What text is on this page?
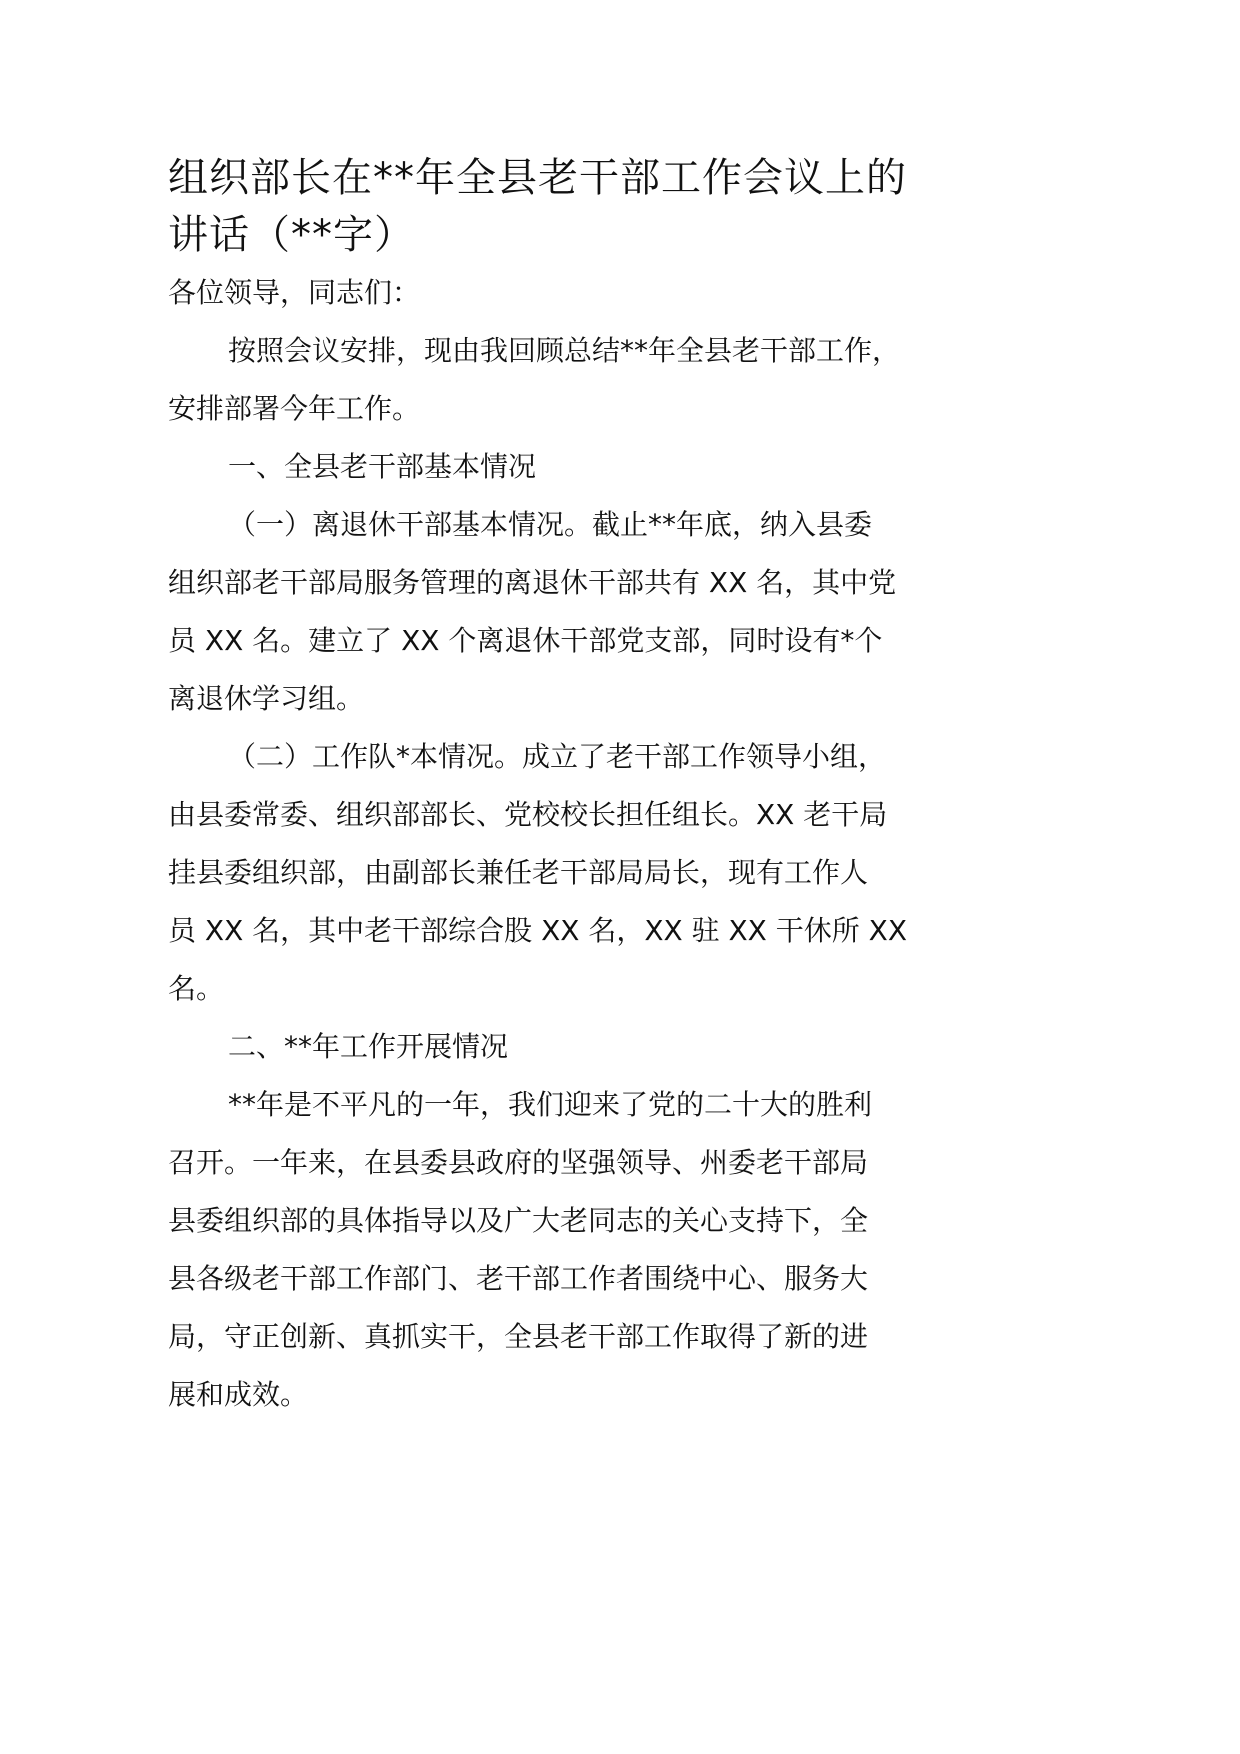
组织部长在**年全县老干部工作会议上的
讲话（**字）
各位领导，同志们：
按照会议安排，现由我回顾总结**年全县老干部工作，
安排部署今年工作。
一、全县老干部基本情况
（一）离退休干部基本情况。截止**年底，纳入县委
组织部老干部局服务管理的离退休干部共有 XX 名，其中党
员 XX 名。建立了 XX 个离退休干部党支部，同时设有*个
离退休学习组。
（二）工作队*本情况。成立了老干部工作领导小组，
由县委常委、组织部部长、党校校长担任组长。XX 老干局
挂县委组织部，由副部长兼任老干部局局长，现有工作人
员 XX 名，其中老干部综合股 XX 名，XX 驻 XX 干休所 XX
名。
二、**年工作开展情况
**年是不平凡的一年，我们迎来了党的二十大的胜利
召开。一年来，在县委县政府的坚强领导、州委老干部局
县委组织部的具体指导以及广大老同志的关心支持下，全
县各级老干部工作部门、老干部工作者围绕中心、服务大
局，守正创新、真抓实干，全县老干部工作取得了新的进
展和成效。
